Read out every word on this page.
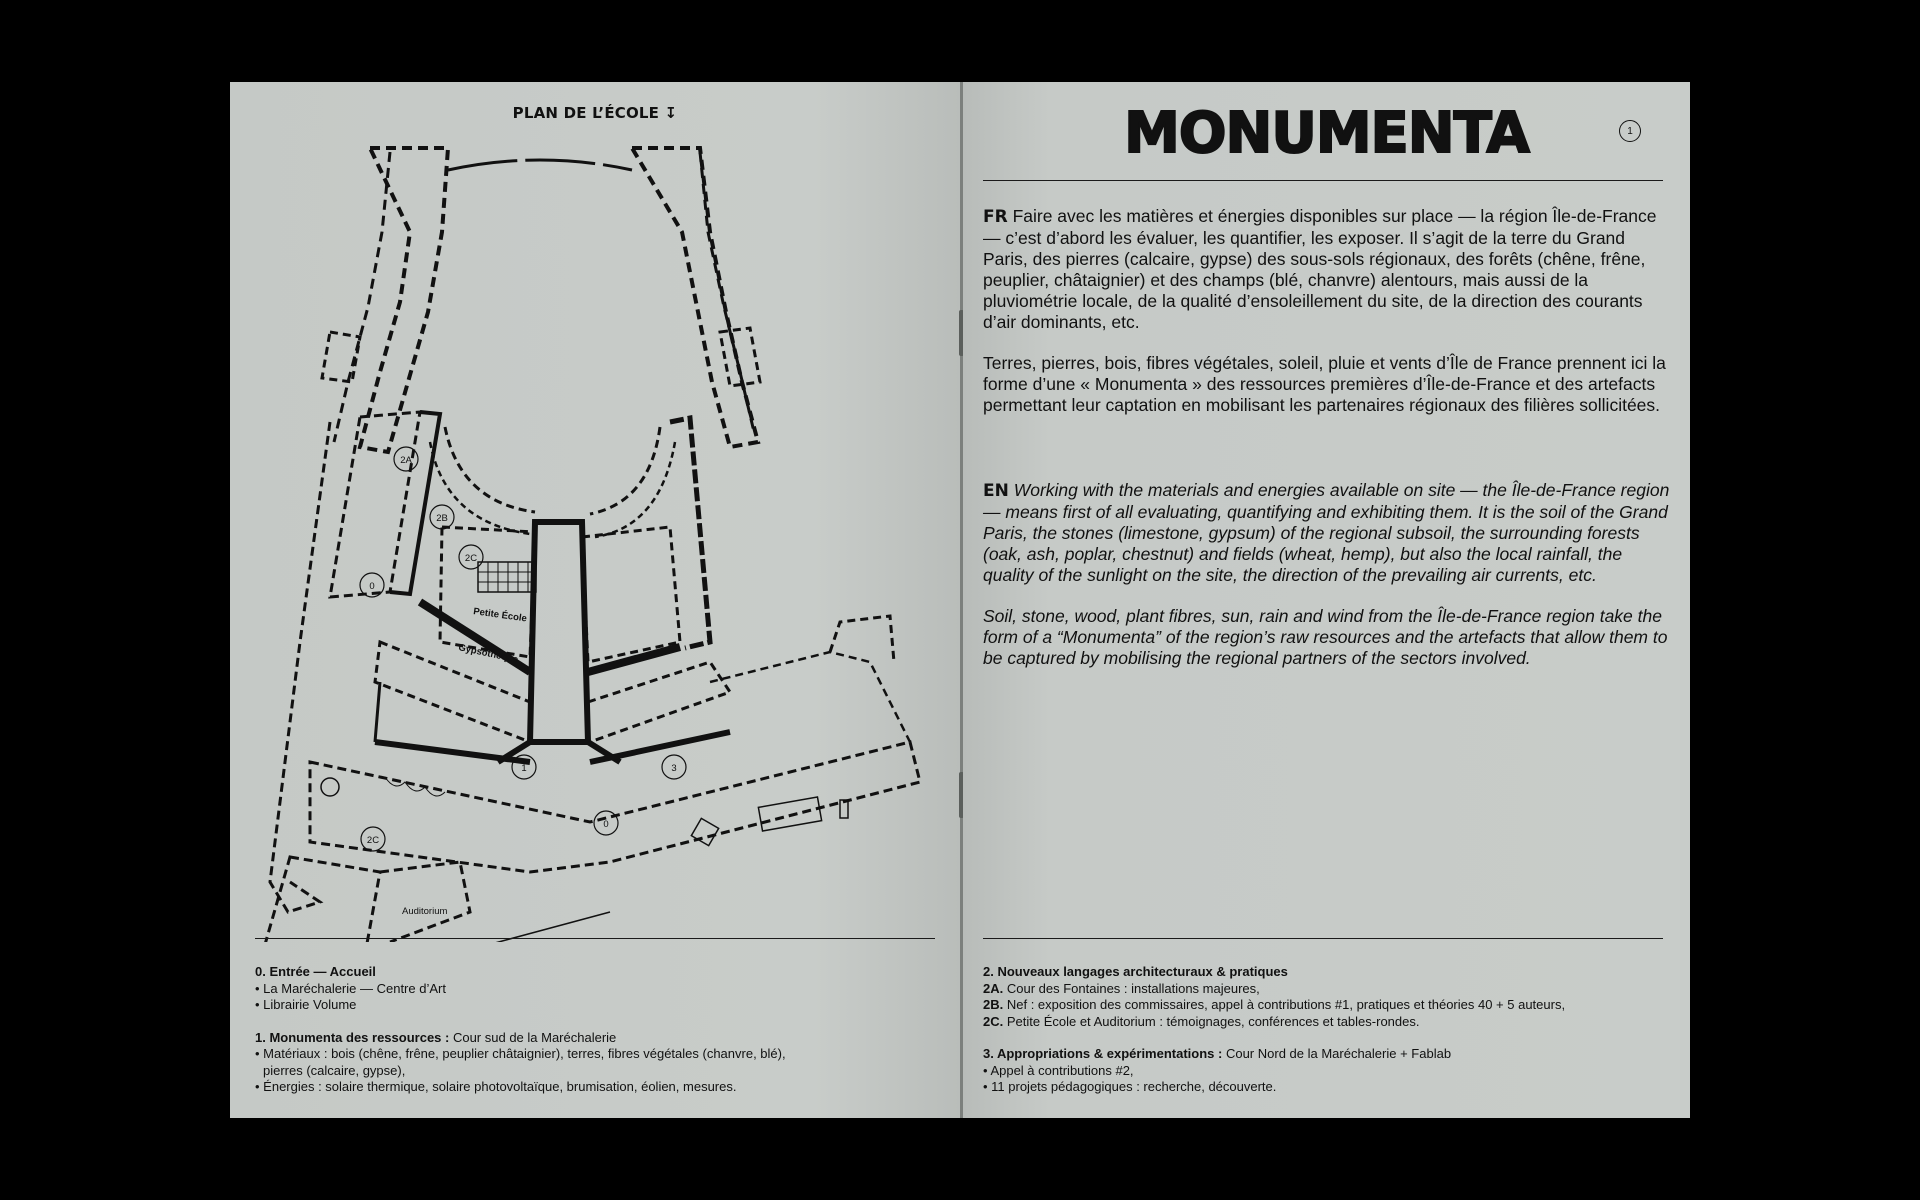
PLAN DE L’ÉCOLE ↧
2A
2B
2C
0
1	3
0
2C
Petite École
Gypsothèque
Auditorium
0. Entrée — Accueil
• La Maréchalerie — Centre d’Art
• Librairie Volume
1. Monumenta des ressources : Cour sud de la Maréchalerie
• Matériaux : bois (chêne, frêne, peuplier châtaignier), terres, fibres végétales (chanvre, blé),
pierres (calcaire, gypse),
• Énergies : solaire thermique, solaire photovoltaïque, brumisation, éolien, mesures.
MONUMENTA	1

FR Faire avec les matières et énergies disponibles sur place — la région Île-de-France — c’est d’abord les évaluer, les quantifier, les exposer. Il s’agit de la terre du Grand Paris, des pierres (calcaire, gypse) des sous-sols régionaux, des forêts (chêne, frêne, peuplier, châtaignier) et des champs (blé, chanvre) alentours, mais aussi de la pluviométrie locale, de la qualité d’ensoleillement du site, de la direction des courants d’air dominants, etc.

Terres, pierres, bois, fibres végétales, soleil, pluie et vents d’Île de France prennent ici la forme d’une « Monumenta » des ressources premières d’Île-de-France et des artefacts permettant leur captation en mobilisant les partenaires régionaux des filières sollicitées.

EN Working with the materials and energies available on site — the Île-de-France region — means first of all evaluating, quantifying and exhibiting them. It is the soil of the Grand Paris, the stones (limestone, gypsum) of the regional subsoil, the surrounding forests (oak, ash, poplar, chestnut) and fields (wheat, hemp), but also the local rainfall, the quality of the sunlight on the site, the direction of the prevailing air currents, etc.

Soil, stone, wood, plant fibres, sun, rain and wind from the Île-de-France region take the form of a “Monumenta” of the region’s raw resources and the artefacts that allow them to be captured by mobilising the regional partners of the sectors involved.

2. Nouveaux langages architecturaux & pratiques
2A. Cour des Fontaines : installations majeures,
2B. Nef : exposition des commissaires, appel à contributions #1, pratiques et théories 40 + 5 auteurs,
2C. Petite École et Auditorium : témoignages, conférences et tables-rondes.
3. Appropriations & expérimentations : Cour Nord de la Maréchalerie + Fablab
• Appel à contributions #2,
• 11 projets pédagogiques : recherche, découverte.
